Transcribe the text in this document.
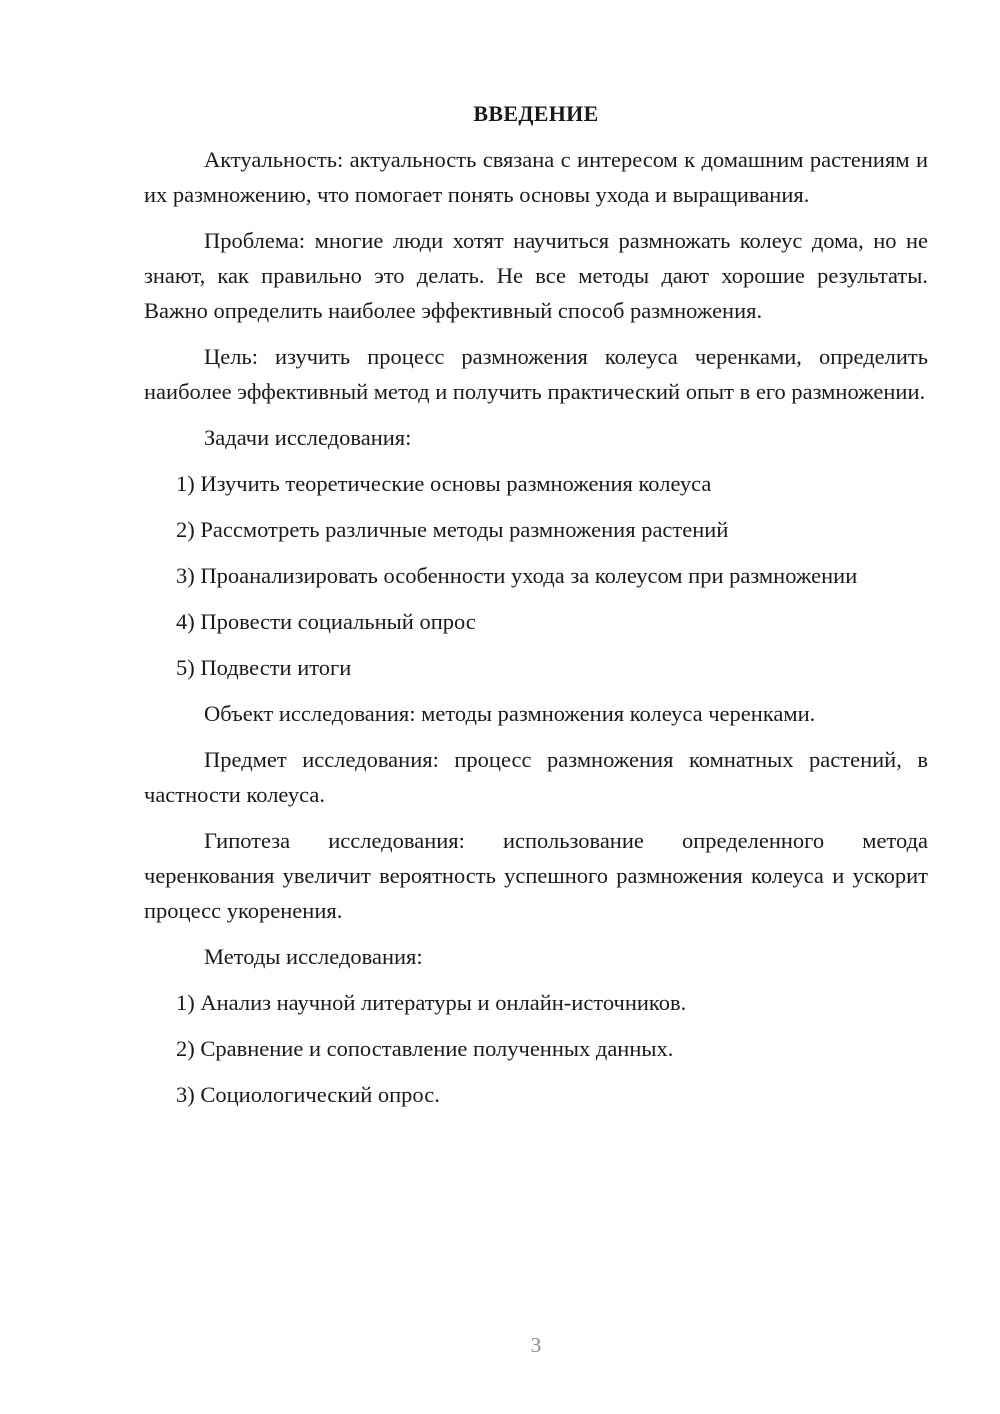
ВВЕДЕНИЕ

Актуальность: актуальность связана с интересом к домашним растениям и их размножению, что помогает понять основы ухода и выращивания.

Проблема: многие люди хотят научиться размножать колеус дома, но не знают, как правильно это делать. Не все методы дают хорошие результаты. Важно определить наиболее эффективный способ размножения.

Цель: изучить процесс размножения колеуса черенками, определить наиболее эффективный метод и получить практический опыт в его размножении.

Задачи исследования:

1) Изучить теоретические основы размножения колеуса

2) Рассмотреть различные методы размножения растений

3) Проанализировать особенности ухода за колеусом при размножении

4) Провести социальный опрос

5) Подвести итоги

Объект исследования: методы размножения колеуса черенками.

Предмет исследования: процесс размножения комнатных растений, в частности колеуса.

Гипотеза исследования: использование определенного метода черенкования увеличит вероятность успешного размножения колеуса и ускорит процесс укоренения.

Методы исследования:

1) Анализ научной литературы и онлайн-источников.

2) Сравнение и сопоставление полученных данных.

3) Социологический опрос.

3
